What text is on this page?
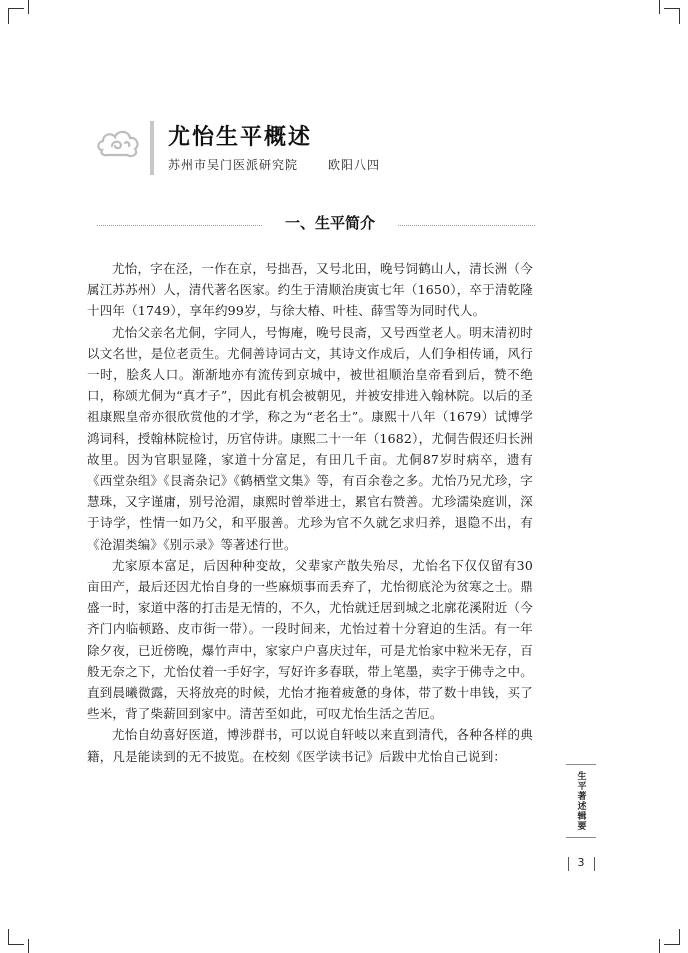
尤怡生平概述
苏州市吴门医派研究院	欧阳八四
一、生平简介

尤怡，字在泾，一作在京，号拙吾，又号北田，晚号饲鹤山人，清长洲（今属江苏苏州）人，清代著名医家。约生于清顺治庚寅七年（1650），卒于清乾隆十四年（1749），享年约99岁，与徐大椿、叶桂、薛雪等为同时代人。

尤怡父亲名尤侗，字同人，号悔庵，晚号艮斋，又号西堂老人。明末清初时以文名世，是位老贡生。尤侗善诗词古文，其诗文作成后，人们争相传诵，风行一时，脍炙人口。渐渐地亦有流传到京城中，被世祖顺治皇帝看到后，赞不绝口，称颂尤侗为“真才子”，因此有机会被朝见，并被安排进入翰林院。以后的圣祖康熙皇帝亦很欣赏他的才学，称之为“老名士”。康熙十八年（1679）试博学鸿词科，授翰林院检讨，历官侍讲。康熙二十一年（1682），尤侗告假还归长洲故里。因为官职显隆，家道十分富足，有田几千亩。尤侗87岁时病卒，遗有《西堂杂组》《艮斋杂记》《鹤栖堂文集》等，有百余卷之多。尤怡乃兄尤珍，字慧珠，又字谨庸，别号沧湄，康熙时曾举进士，累官右赞善。尤珍濡染庭训，深于诗学，性情一如乃父，和平服善。尤珍为官不久就乞求归养，退隐不出，有《沧湄类编》《别示录》等著述行世。

尤家原本富足，后因种种变故，父辈家产散失殆尽，尤怡名下仅仅留有30亩田产，最后还因尤怡自身的一些麻烦事而丢弃了，尤怡彻底沦为贫寒之士。鼎盛一时，家道中落的打击是无情的，不久，尤怡就迁居到城之北廓花溪附近（今齐门内临顿路、皮市街一带）。一段时间来，尤怡过着十分窘迫的生活。有一年除夕夜，已近傍晚，爆竹声中，家家户户喜庆过年，可是尤怡家中粒米无存，百般无奈之下，尤怡仗着一手好字，写好许多春联，带上笔墨，卖字于佛寺之中。直到晨曦微露，天将放亮的时候，尤怡才拖着疲惫的身体，带了数十串钱，买了些米，背了柴薪回到家中。清苦至如此，可叹尤怡生活之苦厄。

尤怡自幼喜好医道，博涉群书，可以说自轩岐以来直到清代，各种各样的典籍，凡是能读到的无不披览。在校刻《医学读书记》后跋中尤怡自己说到：

生平著述辑要
3
